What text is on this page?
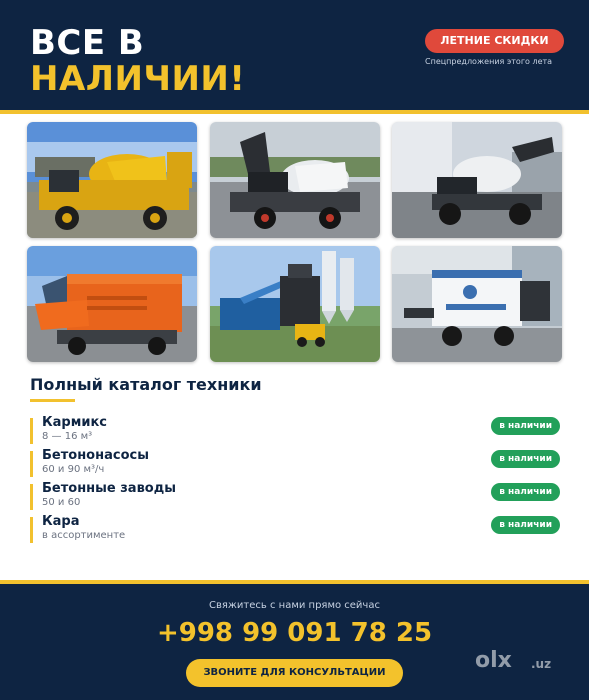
ВСЕ В
НАЛИЧИИ!
ЛЕТНИЕ СКИДКИ
Спецпредложения этого лета
Полный каталог техники
Кармикс
8 — 16 м³
в наличии
Бетононасосы
60 и 90 м³/ч
в наличии
Бетонные заводы
50 и 60
в наличии
Кара
в ассортименте
в наличии
Свяжитесь с нами прямо сейчас
+998 99 091 78 25
ЗВОНИТЕ ДЛЯ КОНСУЛЬТАЦИИ	olx .uz
